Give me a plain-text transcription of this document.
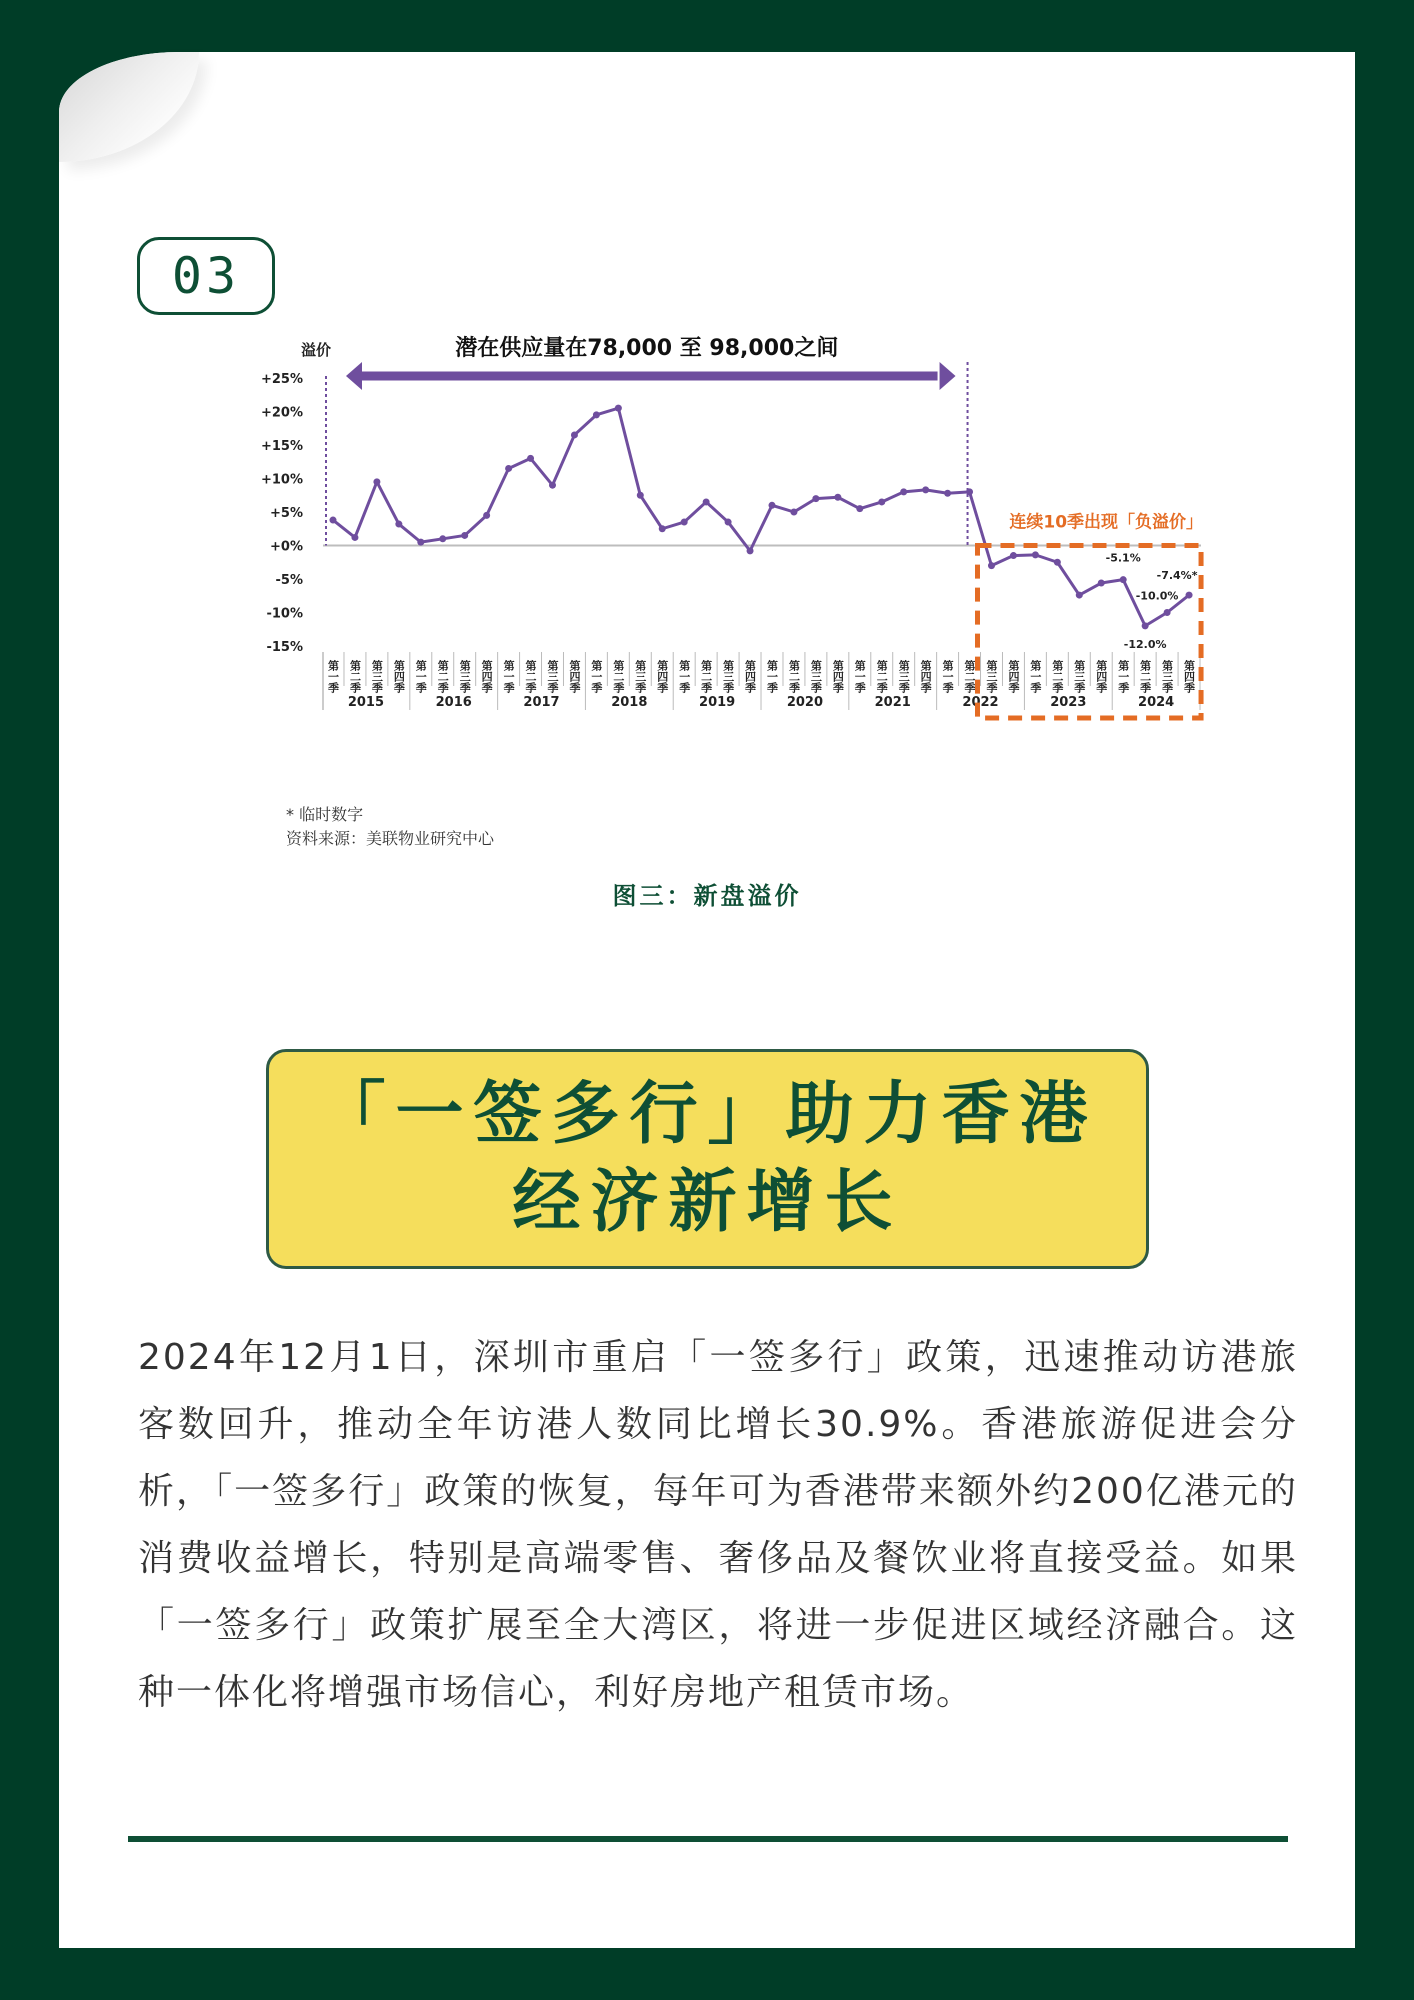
03
溢价
+25%
+20%
+15%
+10%
+5%
+0%
-5%
-10%
-15%
潜在供应量在78,000 至 98,000之间
-5.1%
-12.0%
-10.0%
-7.4%*
第一季 第二季 第三季 第四季 第一季 第二季 第三季 第四季 第一季 第二季 第三季 第四季 第一季 第二季 第三季 第四季 第一季 第二季 第三季 第四季 第一季 第二季 第三季 第四季 第一季 第二季 第三季 第四季 第一季 第二季 第三季 第四季 第一季 第二季 第三季 第四季 第一季 第二季 第三季 第四季
2015	2016	2017	2018	2019	2020	2021	2022	2023	2024
连续10季出现「负溢价」
* 临时数字
资料来源：美联物业研究中心
图三：新盘溢价
「一签多行」助力香港
经济新增长
2024年12月1日，深圳市重启「一签多行」政策，迅速推动访港旅客数回升，推动全年访港人数同比增长30.9%。香港旅游促进会分析，「一签多行」政策的恢复，每年可为香港带来额外约200亿港元的消费收益增长，特别是高端零售、奢侈品及餐饮业将直接受益。如果「一签多行」政策扩展至全大湾区，将进一步促进区域经济融合。这种一体化将增强市场信心，利好房地产租赁市场。
